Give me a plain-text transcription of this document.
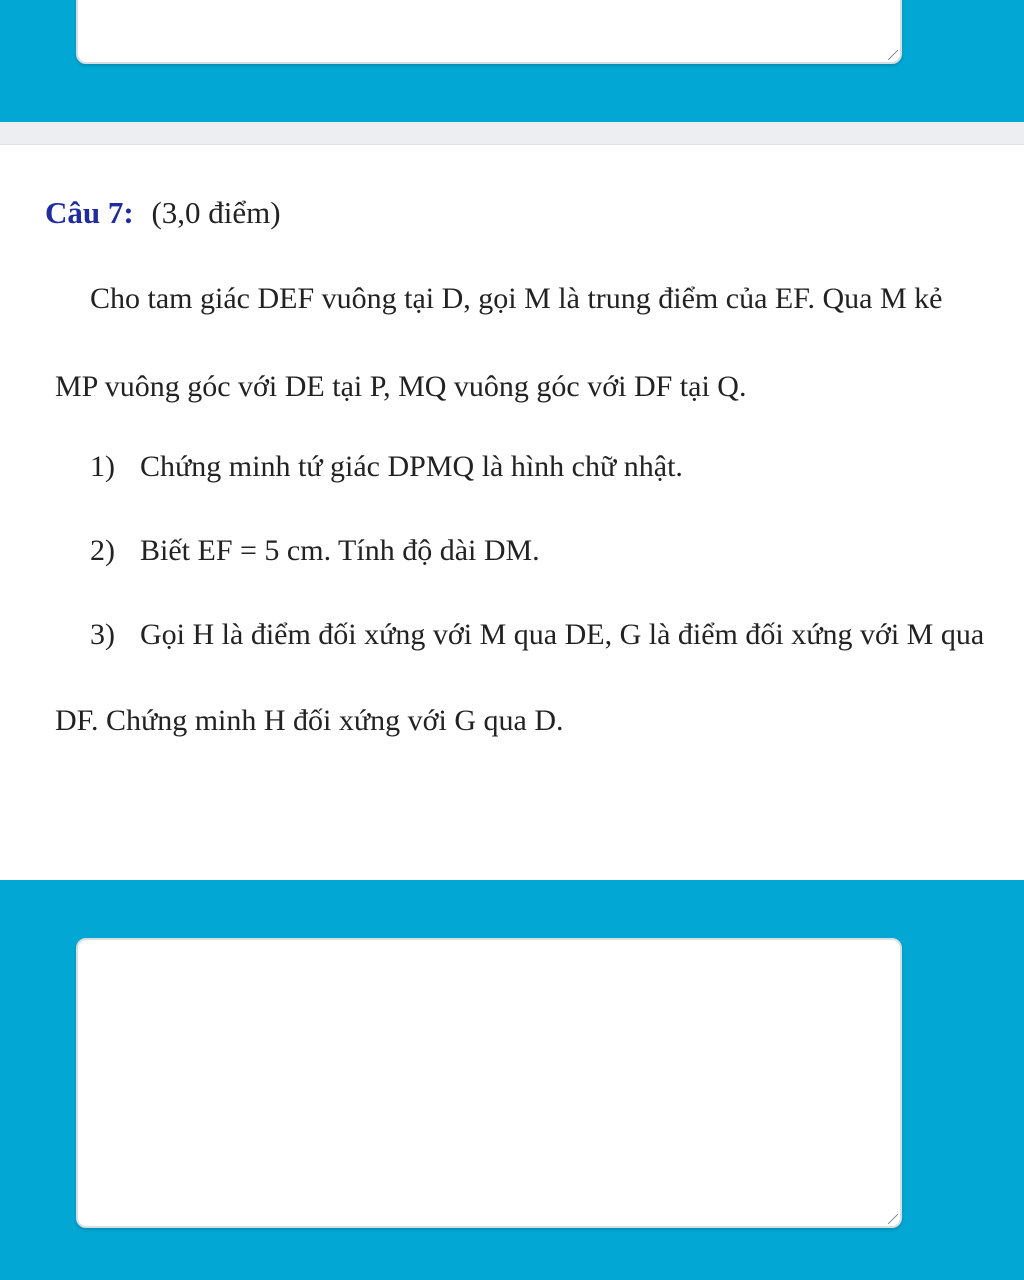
Câu 7: (3,0 điểm)
Cho tam giác DEF vuông tại D, gọi M là trung điểm của EF. Qua M kẻ
MP vuông góc với DE tại P, MQ vuông góc với DF tại Q.
1) Chứng minh tứ giác DPMQ là hình chữ nhật.
2) Biết EF = 5 cm. Tính độ dài DM.
3) Gọi H là điểm đối xứng với M qua DE, G là điểm đối xứng với M qua
DF. Chứng minh H đối xứng với G qua D.
